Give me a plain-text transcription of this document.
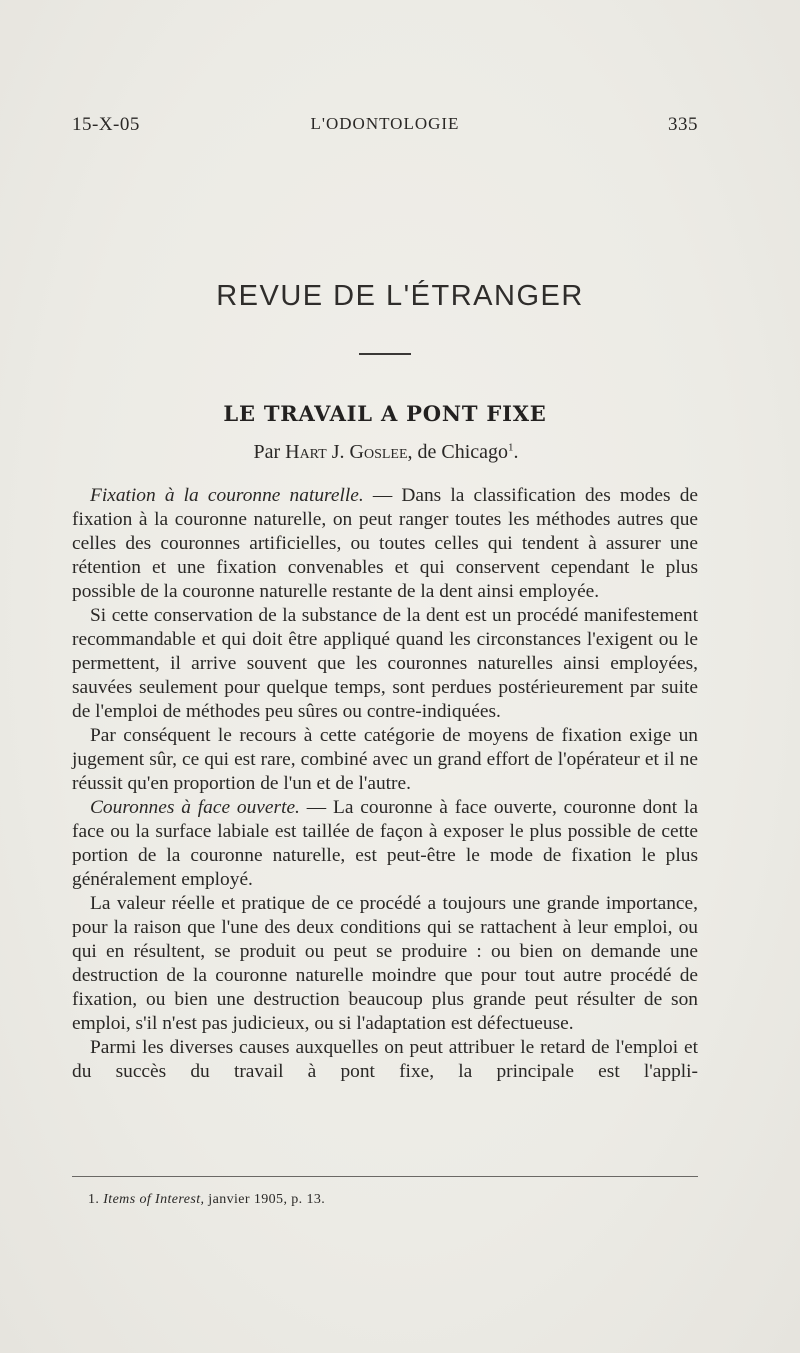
15-X-05	L'ODONTOLOGIE	335
REVUE DE L'ÉTRANGER
LE TRAVAIL A PONT FIXE
Par Hart J. Goslee, de Chicago$^1$.

Fixation à la couronne naturelle. — Dans la classification des modes de fixation à la couronne naturelle, on peut ranger toutes les méthodes autres que celles des couronnes artificielles, ou toutes celles qui tendent à assurer une rétention et une fixation convenables et qui conservent cependant le plus possible de la couronne naturelle restante de la dent ainsi employée.

Si cette conservation de la substance de la dent est un procédé manifestement recommandable et qui doit être appliqué quand les circonstances l'exigent ou le permettent, il arrive souvent que les couronnes naturelles ainsi employées, sauvées seulement pour quelque temps, sont perdues postérieurement par suite de l'emploi de méthodes peu sûres ou contre-indiquées.

Par conséquent le recours à cette catégorie de moyens de fixation exige un jugement sûr, ce qui est rare, combiné avec un grand effort de l'opérateur et il ne réussit qu'en proportion de l'un et de l'autre.

Couronnes à face ouverte. — La couronne à face ouverte, couronne dont la face ou la surface labiale est taillée de façon à exposer le plus possible de cette portion de la couronne naturelle, est peut-être le mode de fixation le plus généralement employé.

La valeur réelle et pratique de ce procédé a toujours une grande importance, pour la raison que l'une des deux conditions qui se rattachent à leur emploi, ou qui en résultent, se produit ou peut se produire : ou bien on demande une destruction de la couronne naturelle moindre que pour tout autre procédé de fixation, ou bien une destruction beaucoup plus grande peut résulter de son emploi, s'il n'est pas judicieux, ou si l'adaptation est défectueuse.

Parmi les diverses causes auxquelles on peut attribuer le retard de l'emploi et du succès du travail à pont fixe, la principale est l'appli-

1. Items of Interest, janvier 1905, p. 13.
